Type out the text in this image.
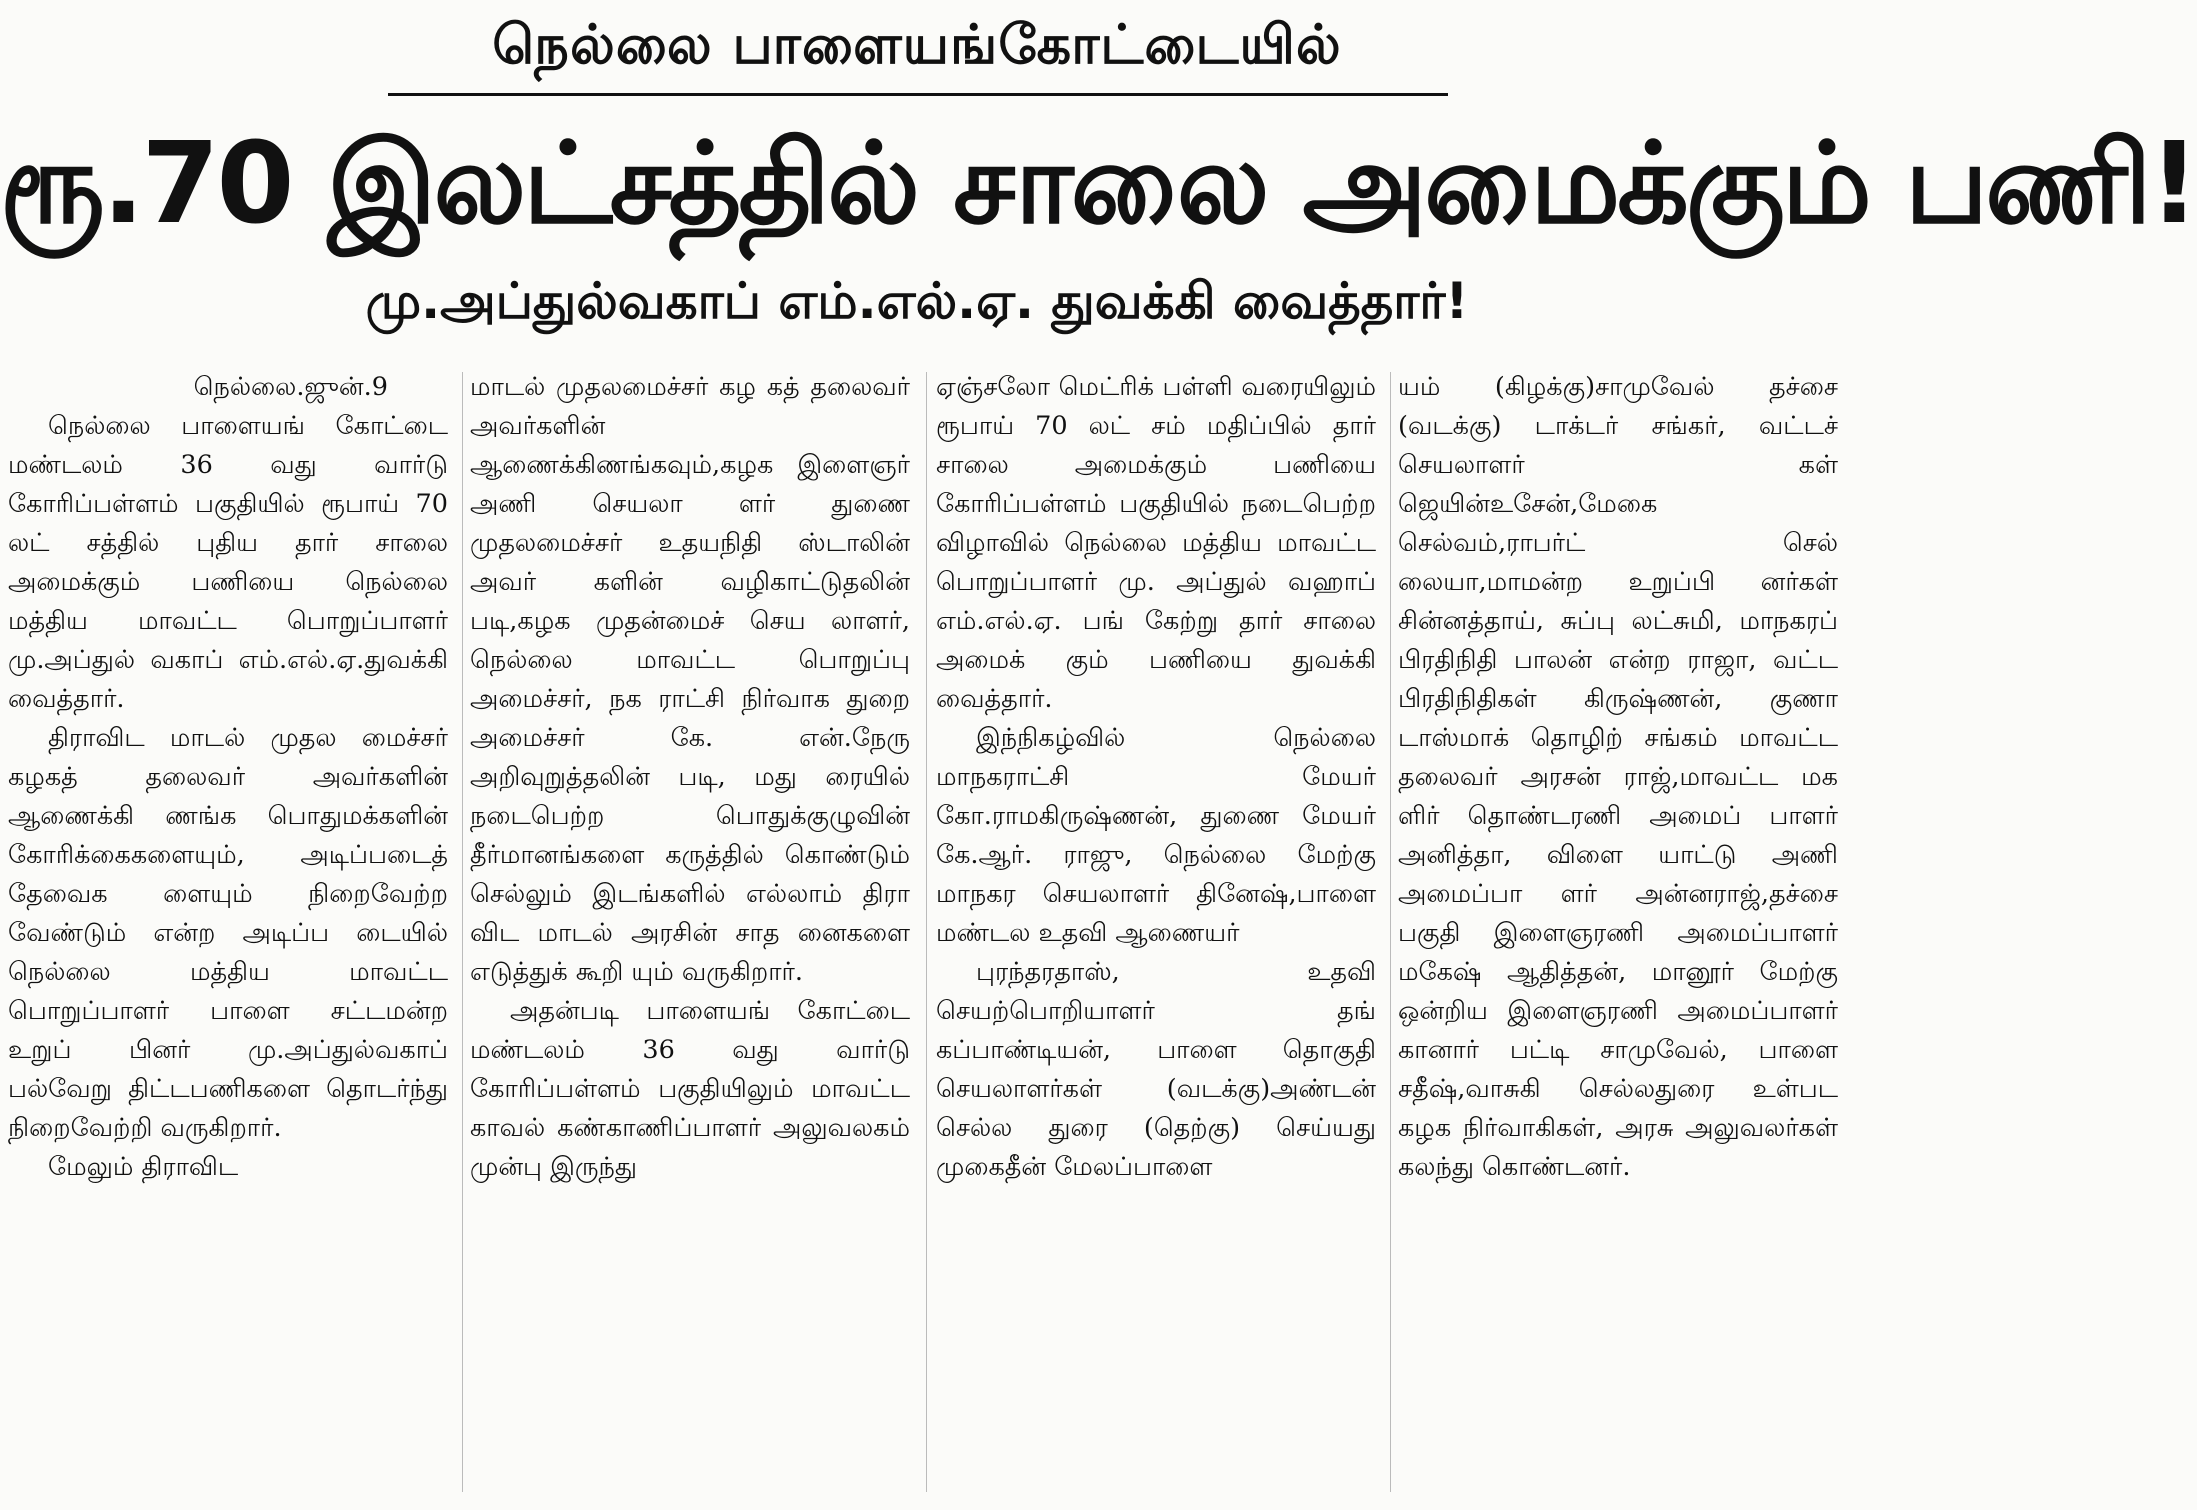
நெல்லை பாளையங்கோட்டையில்
ரூ.70 இலட்சத்தில் சாலை அமைக்கும் பணி!
மு.அப்துல்வகாப் எம்.எல்.ஏ. துவக்கி வைத்தார்!

நெல்லை.ஜுன்.9

நெல்லை பாளையங் கோட்டை மண்டலம் 36 வது வார்டு கோரிப்பள்ளம் பகுதியில் ரூபாய் 70 லட் சத்தில் புதிய தார் சாலை அமைக்கும் பணியை நெல்லை மத்திய மாவட்ட பொறுப்பாளர் மு.அப்துல் வகாப் எம்.எல்.ஏ.துவக்கி வைத்தார்.

திராவிட மாடல் முதல மைச்சர் கழகத் தலைவர் அவர்களின் ஆணைக்கி ணங்க பொதுமக்களின் கோரிக்கைகளையும், அடிப்படைத் தேவைக ளையும் நிறைவேற்ற வேண்டும் என்ற அடிப்ப டையில் நெல்லை மத்திய மாவட்ட பொறுப்பாளர் பாளை சட்டமன்ற உறுப் பினர் மு.அப்துல்வகாப் பல்வேறு திட்டபணிகளை தொடர்ந்து நிறைவேற்றி வருகிறார்.

மேலும் திராவிட

மாடல் முதலமைச்சர் கழ கத் தலைவர் அவர்களின் ஆணைக்கிணங்கவும்,கழக இளைஞர் அணி செயலா ளர் துணை முதலமைச்சர் உதயநிதி ஸ்டாலின் அவர் களின் வழிகாட்டுதலின் படி,கழக முதன்மைச் செய லாளர், நெல்லை மாவட்ட பொறுப்பு அமைச்சர், நக ராட்சி நிர்வாக துறை அமைச்சர் கே. என்.நேரு அறிவுறுத்தலின் படி, மது ரையில் நடைபெற்ற பொதுக்குழுவின் தீர்மானங்களை கருத்தில் கொண்டும் செல்லும் இடங்களில் எல்லாம் திரா விட மாடல் அரசின் சாத னைகளை எடுத்துக் கூறி யும் வருகிறார்.

அதன்படி பாளையங் கோட்டை மண்டலம் 36 வது வார்டு கோரிப்பள்ளம் பகுதியிலும் மாவட்ட காவல் கண்காணிப்பாளர் அலுவலகம் முன்பு இருந்து

ஏஞ்சலோ மெட்ரிக் பள்ளி வரையிலும் ரூபாய் 70 லட் சம் மதிப்பில் தார் சாலை அமைக்கும் பணியை கோரிப்பள்ளம் பகுதியில் நடைபெற்ற விழாவில் நெல்லை மத்திய மாவட்ட பொறுப்பாளர் மு. அப்துல் வஹாப் எம்.எல்.ஏ. பங் கேற்று தார் சாலை அமைக் கும் பணியை துவக்கி வைத்தார்.

இந்நிகழ்வில் நெல்லை மாநகராட்சி மேயர் கோ.ராமகிருஷ்ணன், துணை மேயர் கே.ஆர். ராஜு, நெல்லை மேற்கு மாநகர செயலாளர் தினேஷ்,பாளை மண்டல உதவி ஆணையர்

புரந்தரதாஸ், உதவி செயற்பொறியாளர் தங் கப்பாண்டியன், பாளை தொகுதி செயலாளர்கள் (வடக்கு)அண்டன் செல்ல துரை (தெற்கு) செய்யது முகைதீன் மேலப்பாளை

யம் (கிழக்கு)சாமுவேல் தச்சை (வடக்கு) டாக்டர் சங்கர், வட்டச் செயலாளர் கள் ஜெயின்உசேன்,மேகை செல்வம்,ராபர்ட் செல் லையா,மாமன்ற உறுப்பி னர்கள் சின்னத்தாய், சுப்பு லட்சுமி, மாநகரப் பிரதிநிதி பாலன் என்ற ராஜா, வட்ட பிரதிநிதிகள் கிருஷ்ணன், குணா டாஸ்மாக் தொழிற் சங்கம் மாவட்ட தலைவர் அரசன் ராஜ்,மாவட்ட மக ளிர் தொண்டரணி அமைப் பாளர் அனித்தா, விளை யாட்டு அணி அமைப்பா ளர் அன்னராஜ்,தச்சை பகுதி இளைஞரணி அமைப்பாளர் மகேஷ் ஆதித்தன், மானூர் மேற்கு ஒன்றிய இளைஞரணி அமைப்பாளர் கானார் பட்டி சாமுவேல், பாளை சதீஷ்,வாசுகி செல்லதுரை உள்பட கழக நிர்வாகிகள், அரசு அலுவலர்கள் கலந்து கொண்டனர்.
